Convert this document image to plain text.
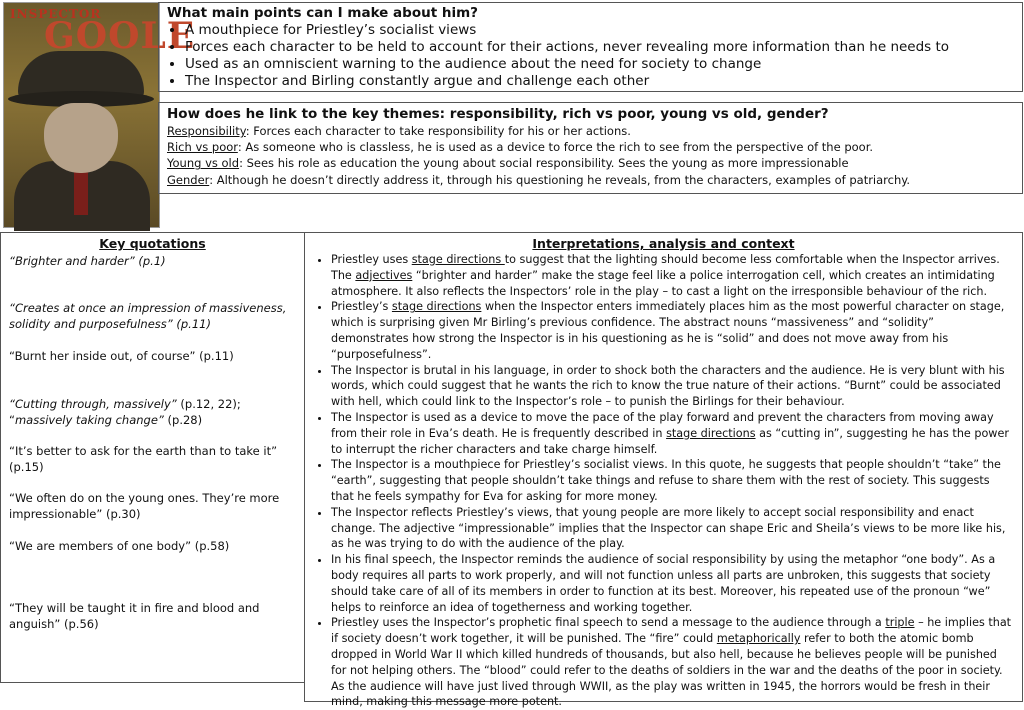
INSPECTOR
GOOLE
What main points can I make about him?
• A mouthpiece for Priestley’s socialist views
• Forces each character to be held to account for their actions, never revealing more information than he needs to
• Used as an omniscient warning to the audience about the need for society to change
• The Inspector and Birling constantly argue and challenge each other
How does he link to the key themes: responsibility, rich vs poor, young vs old, gender?
Responsibility: Forces each character to take responsibility for his or her actions.
Rich vs poor: As someone who is classless, he is used as a device to force the rich to see from the perspective of the poor.
Young vs old: Sees his role as education the young about social responsibility. Sees the young as more impressionable
Gender: Although he doesn’t directly address it, through his questioning he reveals, from the characters, examples of patriarchy.
Key quotations
“Brighter and harder” (p.1)
“Creates at once an impression of massiveness, solidity and purposefulness” (p.11)
“Burnt her inside out, of course” (p.11)
“Cutting through, massively” (p.12, 22); “massively taking change” (p.28)
“It’s better to ask for the earth than to take it” (p.15)
“We often do on the young ones. They’re more impressionable” (p.30)
“We are members of one body” (p.58)
“They will be taught it in fire and blood and anguish” (p.56)
Interpretations, analysis and context
• Priestley uses stage directions to suggest that the lighting should become less comfortable when the Inspector arrives. The adjectives “brighter and harder” make the stage feel like a police interrogation cell, which creates an intimidating atmosphere. It also reflects the Inspectors’ role in the play – to cast a light on the irresponsible behaviour of the rich.
• Priestley’s stage directions when the Inspector enters immediately places him as the most powerful character on stage, which is surprising given Mr Birling’s previous confidence. The abstract nouns “massiveness” and “solidity” demonstrates how strong the Inspector is in his questioning as he is “solid” and does not move away from his “purposefulness”.
• The Inspector is brutal in his language, in order to shock both the characters and the audience. He is very blunt with his words, which could suggest that he wants the rich to know the true nature of their actions. “Burnt” could be associated with hell, which could link to the Inspector’s role – to punish the Birlings for their behaviour.
• The Inspector is used as a device to move the pace of the play forward and prevent the characters from moving away from their role in Eva’s death. He is frequently described in stage directions as “cutting in”, suggesting he has the power to interrupt the richer characters and take charge himself.
• The Inspector is a mouthpiece for Priestley’s socialist views. In this quote, he suggests that people shouldn’t “take” the “earth”, suggesting that people shouldn’t take things and refuse to share them with the rest of society. This suggests that he feels sympathy for Eva for asking for more money.
• The Inspector reflects Priestley’s views, that young people are more likely to accept social responsibility and enact change. The adjective “impressionable” implies that the Inspector can shape Eric and Sheila’s views to be more like his, as he was trying to do with the audience of the play.
• In his final speech, the Inspector reminds the audience of social responsibility by using the metaphor “one body”. As a body requires all parts to work properly, and will not function unless all parts are unbroken, this suggests that society should take care of all of its members in order to function at its best. Moreover, his repeated use of the pronoun “we” helps to reinforce an idea of togetherness and working together.
• Priestley uses the Inspector’s prophetic final speech to send a message to the audience through a triple – he implies that if society doesn’t work together, it will be punished. The “fire” could metaphorically refer to both the atomic bomb dropped in World War II which killed hundreds of thousands, but also hell, because he believes people will be punished for not helping others. The “blood” could refer to the deaths of soldiers in the war and the deaths of the poor in society. As the audience will have just lived through WWII, as the play was written in 1945, the horrors would be fresh in their mind, making this message more potent.
